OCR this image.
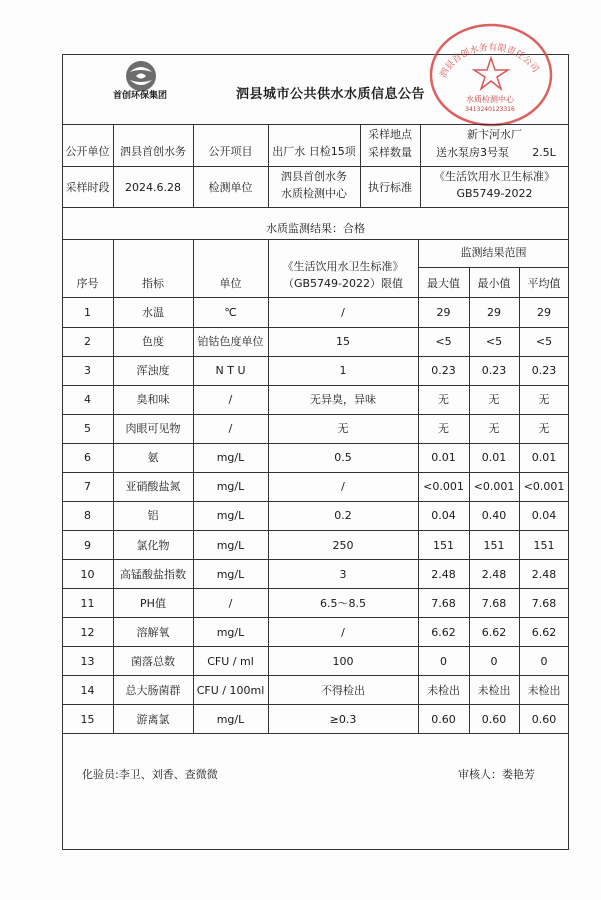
首创环保集团
泗县首创水务有限责任公司
水质检测中心
3413240123316
泗县城市公共供水水质信息公告
公开单位 泗县首创水务	公开项目	出厂水 日检15项
采样地点
采样数量
新卞河水厂
送水泵房3号泵	2.5L
采样时段	2024.6.28	检测单位
泗县首创水务
水质检测中心	执行标准
《生活饮用水卫生标准》
GB5749-2022
水质监测结果：合格
序号	指标	单位
《生活饮用水卫生标准》
（GB5749-2022）限值
监测结果范围
最大值	最小值	平均值
1	水温	℃	/	29	29	29
2	色度	铂钴色度单位	15	<5	<5	<5
3	浑浊度	N T U	1	0.23	0.23	0.23
4	臭和味	/	无异臭，异味	无	无	无
5	肉眼可见物	/	无	无	无	无
6	氨	mg/L	0.5	0.01	0.01	0.01
7	亚硝酸盐氮	mg/L	/	<0.001 <0.001 <0.001
8	铝	mg/L	0.2	0.04	0.40	0.04
9	氯化物	mg/L	250	151	151	151
10	高锰酸盐指数	mg/L	3	2.48	2.48	2.48
11	PH值	/	6.5～8.5	7.68	7.68	7.68
12	溶解氧	mg/L	/	6.62	6.62	6.62
13	菌落总数	CFU / ml	100	0	0	0
14	总大肠菌群	CFU / 100ml	不得检出	未检出	未检出	未检出
15	游离氯	mg/L	≥0.3	0.60	0.60	0.60
化验员:李卫、刘香、查微微	审核人：娄艳芳
